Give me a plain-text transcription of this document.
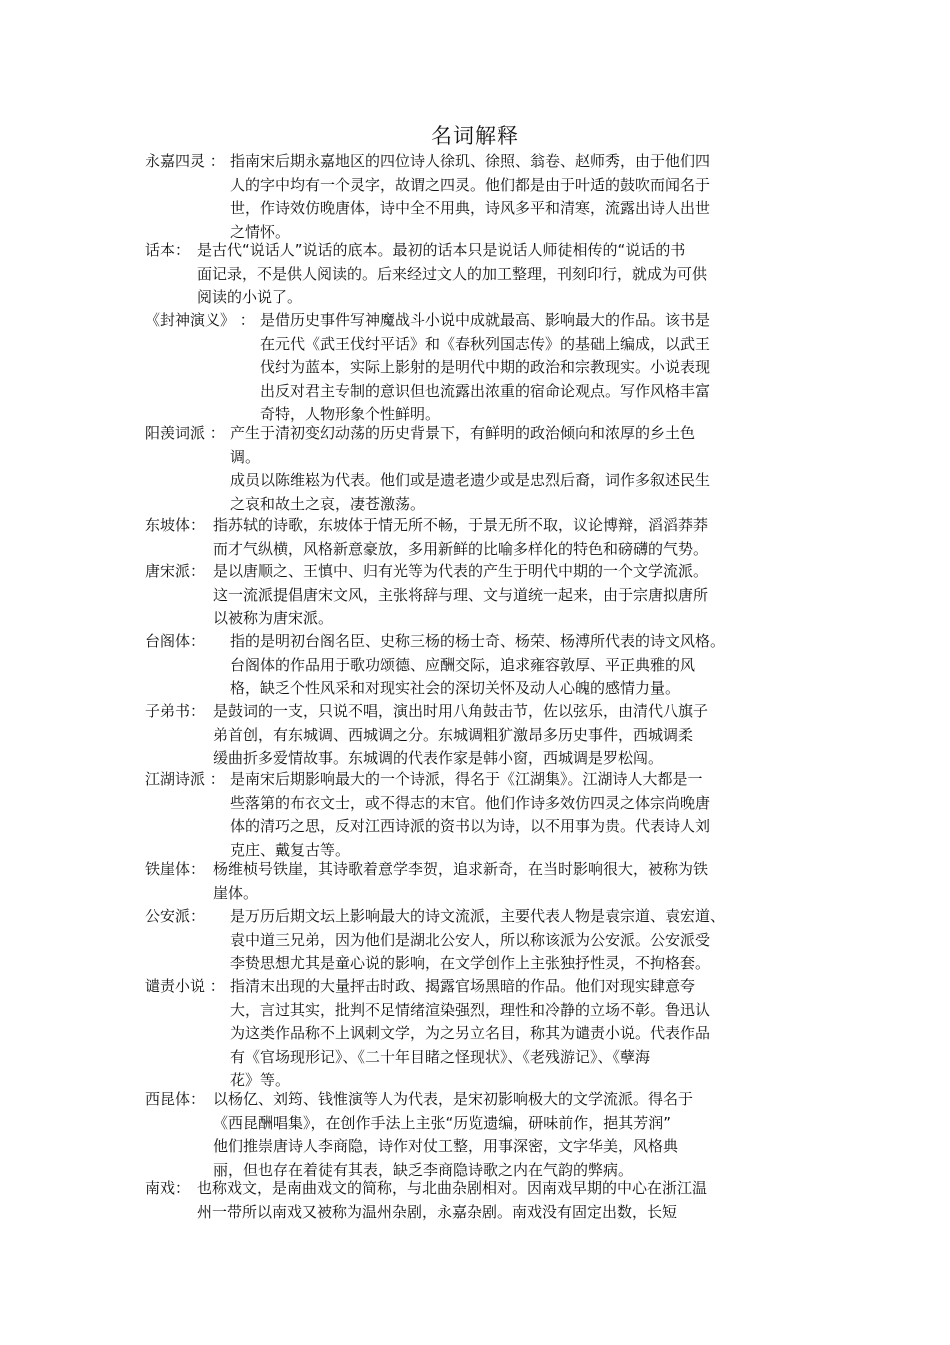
名词解释
永嘉四灵 ： 指南宋后期永嘉地区的四位诗人徐玑、徐照、翁卷、赵师秀，由于他们四
人的字中均有一个灵字，故谓之四灵。他们都是由于叶适的鼓吹而闻名于
世，作诗效仿晚唐体，诗中全不用典，诗风多平和清寒，流露出诗人出世
之情怀。
话本： 是古代“说话人”说话的底本。最初的话本只是说话人师徒相传的“说话的书
面记录，不是供人阅读的。后来经过文人的加工整理，刊刻印行，就成为可供
阅读的小说了。
《封神演义》 ： 是借历史事件写神魔战斗小说中成就最高、影响最大的作品。该书是
在元代《武王伐纣平话》和《春秋列国志传》的基础上编成，以武王
伐纣为蓝本，实际上影射的是明代中期的政治和宗教现实。小说表现
出反对君主专制的意识但也流露出浓重的宿命论观点。写作风格丰富
奇特，人物形象个性鲜明。
阳羡词派 ： 产生于清初变幻动荡的历史背景下，有鲜明的政治倾向和浓厚的乡土色
调。
成员以陈维崧为代表。他们或是遗老遗少或是忠烈后裔，词作多叙述民生
之哀和故土之哀，凄苍激荡。
东坡体： 指苏轼的诗歌，东坡体于情无所不畅，于景无所不取，议论博辩，滔滔莽莽
而才气纵横，风格新意豪放，多用新鲜的比喻多样化的特色和磅礴的气势。
唐宋派： 是以唐顺之、王慎中、归有光等为代表的产生于明代中期的一个文学流派。
这一流派提倡唐宋文风，主张将辞与理、文与道统一起来，由于宗唐拟唐所
以被称为唐宋派。
台阁体： 指的是明初台阁名臣、史称三杨的杨士奇、杨荣、杨溥所代表的诗文风格。
台阁体的作品用于歌功颂德、应酬交际，追求雍容敦厚、平正典雅的风
格，缺乏个性风采和对现实社会的深切关怀及动人心魄的感情力量。
子弟书： 是鼓词的一支，只说不唱，演出时用八角鼓击节，佐以弦乐，由清代八旗子
弟首创，有东城调、西城调之分。东城调粗犷激昂多历史事件，西城调柔
缓曲折多爱情故事。东城调的代表作家是韩小窗，西城调是罗松闯。
江湖诗派 ： 是南宋后期影响最大的一个诗派，得名于《江湖集》。江湖诗人大都是一
些落第的布衣文士，或不得志的末官。他们作诗多效仿四灵之体宗尚晚唐
体的清巧之思，反对江西诗派的资书以为诗，以不用事为贵。代表诗人刘
克庄、戴复古等。
铁崖体： 杨维桢号铁崖，其诗歌着意学李贺，追求新奇，在当时影响很大，被称为铁
崖体。
公安派： 是万历后期文坛上影响最大的诗文流派，主要代表人物是袁宗道、袁宏道、
袁中道三兄弟，因为他们是湖北公安人，所以称该派为公安派。公安派受
李贽思想尤其是童心说的影响，在文学创作上主张独抒性灵，不拘格套。
谴责小说 ： 指清末出现的大量抨击时政、揭露官场黑暗的作品。他们对现实肆意夸
大，言过其实，批判不足情绪渲染强烈，理性和冷静的立场不彰。鲁迅认
为这类作品称不上讽刺文学，为之另立名目，称其为谴责小说。代表作品
有《官场现形记》、《二十年目睹之怪现状》、《老残游记》、《孽海
花》等。
西昆体： 以杨亿、刘筠、钱惟演等人为代表，是宋初影响极大的文学流派。得名于
《西昆酬唱集》，在创作手法上主张“历览遗编，研味前作，挹其芳润”
他们推崇唐诗人李商隐，诗作对仗工整，用事深密，文字华美，风格典
丽，但也存在着徒有其表，缺乏李商隐诗歌之内在气韵的弊病。
南戏： 也称戏文，是南曲戏文的简称，与北曲杂剧相对。因南戏早期的中心在浙江温
州一带所以南戏又被称为温州杂剧，永嘉杂剧。南戏没有固定出数，长短
